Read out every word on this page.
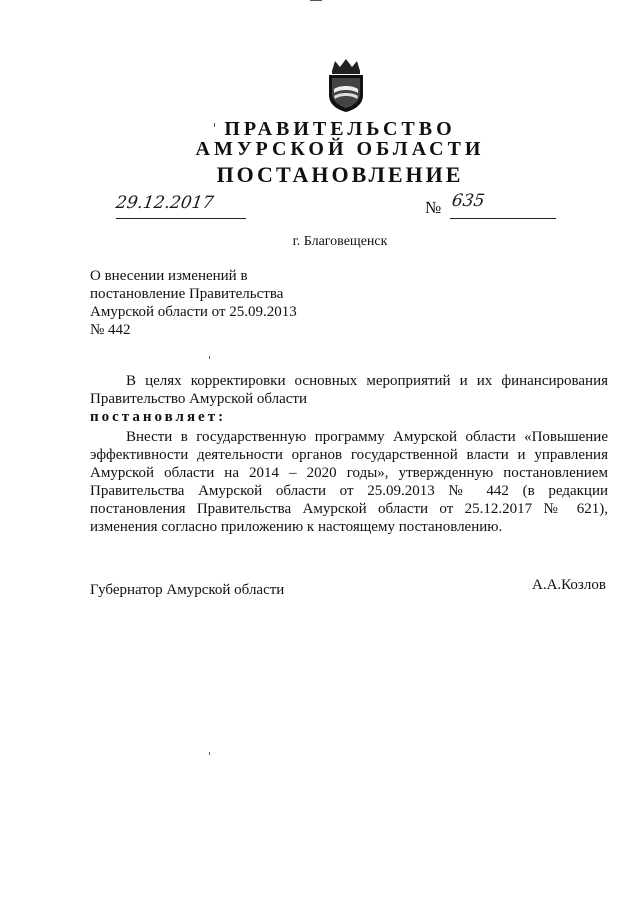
ПРАВИТЕЛЬСТВО
АМУРСКОЙ ОБЛАСТИ
ПОСТАНОВЛЕНИЕ
29.12.2017	№ 635
г. Благовещенск
О внесении изменений в
постановление Правительства
Амурской области от 25.09.2013
№ 442
В целях корректировки основных мероприятий и их финансирования Правительство Амурской области
постановляет:
Внести в государственную программу Амурской области «Повышение эффективности деятельности органов государственной власти и управления Амурской области на 2014 – 2020 годы», утвержденную постановлением Правительства Амурской области от 25.09.2013 № 442 (в редакции постановления Правительства Амурской области от 25.12.2017 № 621), изменения согласно приложению к настоящему постановлению.
Губернатор Амурской области	А.А.Козлов
